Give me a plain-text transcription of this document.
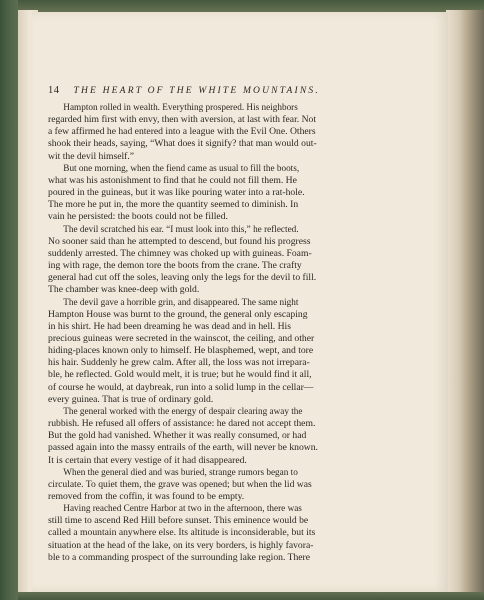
14 THE HEART OF THE WHITE MOUNTAINS.

Hampton rolled in wealth. Everything prospered. His neighbors
regarded him first with envy, then with aversion, at last with fear. Not
a few affirmed he had entered into a league with the Evil One. Others
shook their heads, saying, “What does it signify? that man would out-
wit the devil himself.”

But one morning, when the fiend came as usual to fill the boots,
what was his astonishment to find that he could not fill them. He
poured in the guineas, but it was like pouring water into a rat-hole.
The more he put in, the more the quantity seemed to diminish. In
vain he persisted: the boots could not be filled.

The devil scratched his ear. “I must look into this,” he reflected.
No sooner said than he attempted to descend, but found his progress
suddenly arrested. The chimney was choked up with guineas. Foam-
ing with rage, the demon tore the boots from the crane. The crafty
general had cut off the soles, leaving only the legs for the devil to fill.
The chamber was knee-deep with gold.

The devil gave a horrible grin, and disappeared. The same night
Hampton House was burnt to the ground, the general only escaping
in his shirt. He had been dreaming he was dead and in hell. His
precious guineas were secreted in the wainscot, the ceiling, and other
hiding-places known only to himself. He blasphemed, wept, and tore
his hair. Suddenly he grew calm. After all, the loss was not irrepara-
ble, he reflected. Gold would melt, it is true; but he would find it all,
of course he would, at daybreak, run into a solid lump in the cellar—
every guinea. That is true of ordinary gold.

The general worked with the energy of despair clearing away the
rubbish. He refused all offers of assistance: he dared not accept them.
But the gold had vanished. Whether it was really consumed, or had
passed again into the massy entrails of the earth, will never be known.
It is certain that every vestige of it had disappeared.

When the general died and was buried, strange rumors began to
circulate. To quiet them, the grave was opened; but when the lid was
removed from the coffin, it was found to be empty.

Having reached Centre Harbor at two in the afternoon, there was
still time to ascend Red Hill before sunset. This eminence would be
called a mountain anywhere else. Its altitude is inconsiderable, but its
situation at the head of the lake, on its very borders, is highly favora-
ble to a commanding prospect of the surrounding lake region. There
